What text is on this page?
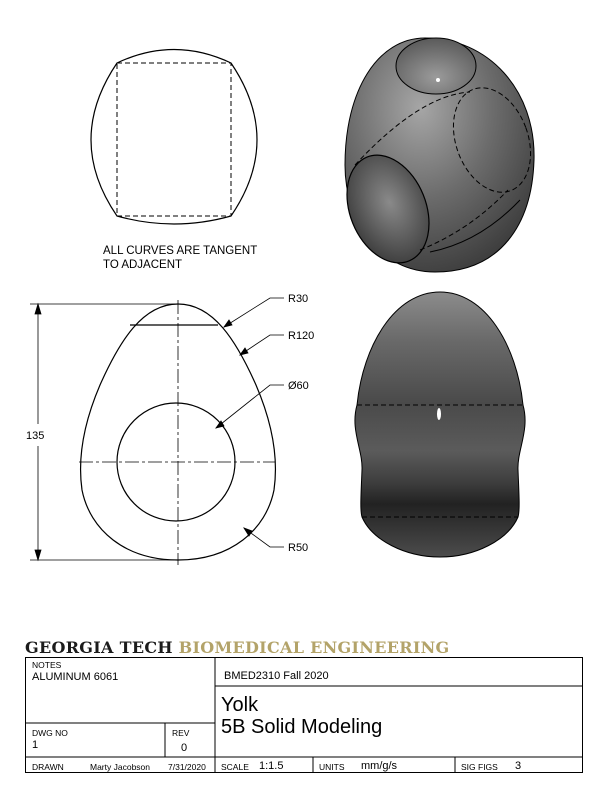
135
R30
R120
Ø60
R50
ALL CURVES ARE TANGENT
TO ADJACENT
GEORGIA TECH BIOMEDICAL ENGINEERING
NOTES
ALUMINUM 6061	BMED2310 Fall 2020
Yolk
5B Solid Modeling
DWG NO
1
REV
0
DRAWN	Marty Jacobson 7/31/2020 SCALE 1:1.5	UNITS mm/g/s	SIG FIGS 3
